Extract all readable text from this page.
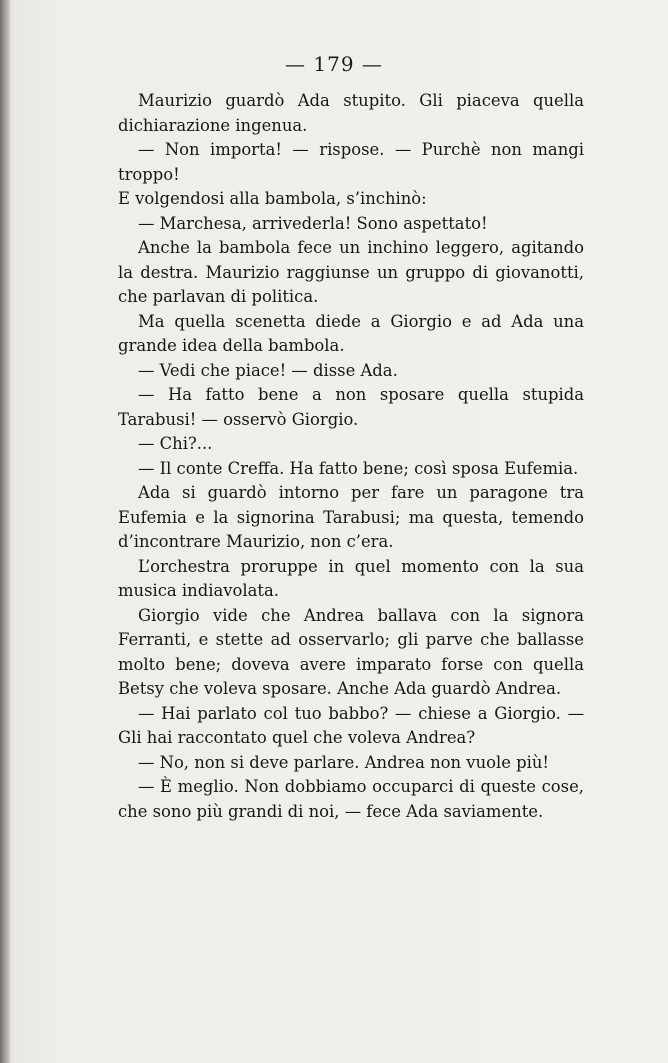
— 179 —

Maurizio guardò Ada stupito. Gli piaceva quella dichiarazione ingenua.

— Non importa! — rispose. — Purchè non mangi troppo!

E volgendosi alla bambola, s’inchinò:

— Marchesa, arrivederla! Sono aspettato!

Anche la bambola fece un inchino leggero, agitando la destra. Maurizio raggiunse un gruppo di giovanotti, che parlavan di politica.

Ma quella scenetta diede a Giorgio e ad Ada una grande idea della bambola.

— Vedi che piace! — disse Ada.

— Ha fatto bene a non sposare quella stupida Tarabusi! — osservò Giorgio.

— Chi?...

— Il conte Creffa. Ha fatto bene; così sposa Eufemia.

Ada si guardò intorno per fare un paragone tra Eufemia e la signorina Tarabusi; ma questa, temendo d’incontrare Maurizio, non c’era.

L’orchestra proruppe in quel momento con la sua musica indiavolata.

Giorgio vide che Andrea ballava con la signora Ferranti, e stette ad osservarlo; gli parve che ballasse molto bene; doveva avere imparato forse con quella Betsy che voleva sposare. Anche Ada guardò Andrea.

— Hai parlato col tuo babbo? — chiese a Giorgio. — Gli hai raccontato quel che voleva Andrea?

— No, non si deve parlare. Andrea non vuole più!

— È meglio. Non dobbiamo occuparci di queste cose, che sono più grandi di noi, — fece Ada saviamente.
